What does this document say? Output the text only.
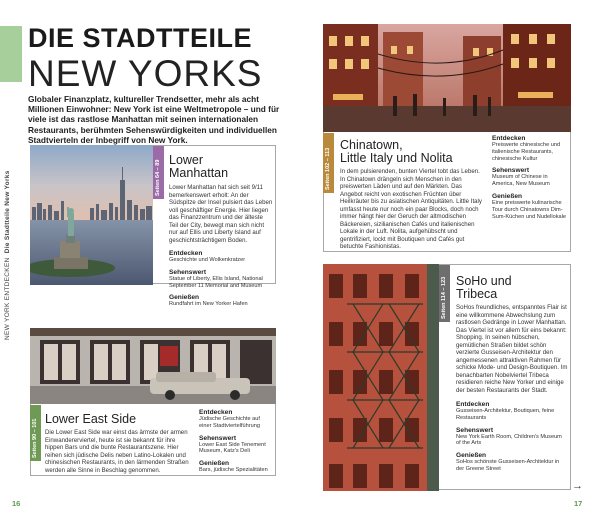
NEW YORK ENTDECKEN  Die Stadtteile New Yorks
DIE STADTTEILE
NEW YORKS
Globaler Finanzplatz, kultureller Trendsetter, mehr als acht Millionen Einwohner: New York ist eine Weltmetropole – und für viele ist das rastlose Manhattan mit seinen internationalen Restaurants, berühmten Sehenswürdigkeiten und individuellen Stadtvierteln der Inbegriff von New York.
Seiten 64 – 89 Lower
Manhattan
Lower Manhattan hat sich seit 9/11 bemerkenswert erholt: An der Südspitze der Insel pulsiert das Leben voll geschäftiger Energie. Hier liegen das Finanzzentrum und der älteste Teil der City, bewegt man sich nicht nur auf Ellis und Liberty Island auf geschichtsträchtigem Boden.
Entdecken
Geschichte und Wolkenkratzer
Sehenswert
Statue of Liberty, Ellis Island, National September 11 Memorial and Museum
Genießen
Rundfahrt im New Yorker Hafen
Seiten 102 – 113
Chinatown,
Little Italy und Nolita
In dem pulsierenden, bunten Viertel tobt das Leben. In Chinatown drängeln sich Menschen in den preiswerten Läden und auf den Märkten. Das Angebot reicht von exotischen Früchten über Heilkräuter bis zu asiatischen Antiquitäten. Little Italy umfasst heute nur noch ein paar Blocks, doch noch immer hängt hier der Geruch der altmodischen Bäckereien, sizilianischen Cafés und italienischen Lokale in der Luft. Nolita, aufgehübscht und gentrifiziert, lockt mit Boutiquen und Cafés gut betuchte Fashionistas.
Entdecken
Preiswerte chinesische und italienische Restaurants, chinesische Kultur
Sehenswert
Museum of Chinese in America, New Museum
Genießen
Eine preiswerte kulinarische Tour durch Chinatowns Dim-Sum-Küchen und Nudellokale
Seiten 90 – 101 Lower East Side
Die Lower East Side war einst das ärmste der armen Einwandererviertel, heute ist sie bekannt für ihre hippen Bars und die bunte Restaurantszene. Hier reihen sich jüdische Delis neben Latino-Lokalen und chinesischen Restaurants, in den lärmenden Straßen werden alle Sinne in Beschlag genommen.
Entdecken
Jüdische Geschichte auf einer Stadtviertelführung
Sehenswert
Lower East Side Tenement Museum, Katz's Deli
Genießen
Bars, jüdische Spezialitäten
Seiten 114 – 123 SoHo und
Tribeca
SoHos freundliches, entspanntes Flair ist eine willkommene Abwechslung zum rastlosen Gedränge in Lower Manhattan. Das Viertel ist vor allem für eins bekannt: Shopping. In seinen hübschen, gemütlichen Straßen bildet schön verzierte Gusseisen-Architektur den angemessenen attraktiven Rahmen für schicke Mode- und Design-Boutiquen. Im benachbarten Nobelviertel Tribeca residieren reiche New Yorker und einige der besten Restaurants der Stadt.
Entdecken
Gusseisen-Architektur, Boutiquen, feine Restaurants
Sehenswert
New York Earth Room, Children's Museum of the Arts
Genießen
SoHos schönste Gusseisen-Architektur in der Greene Street
16	17
→
